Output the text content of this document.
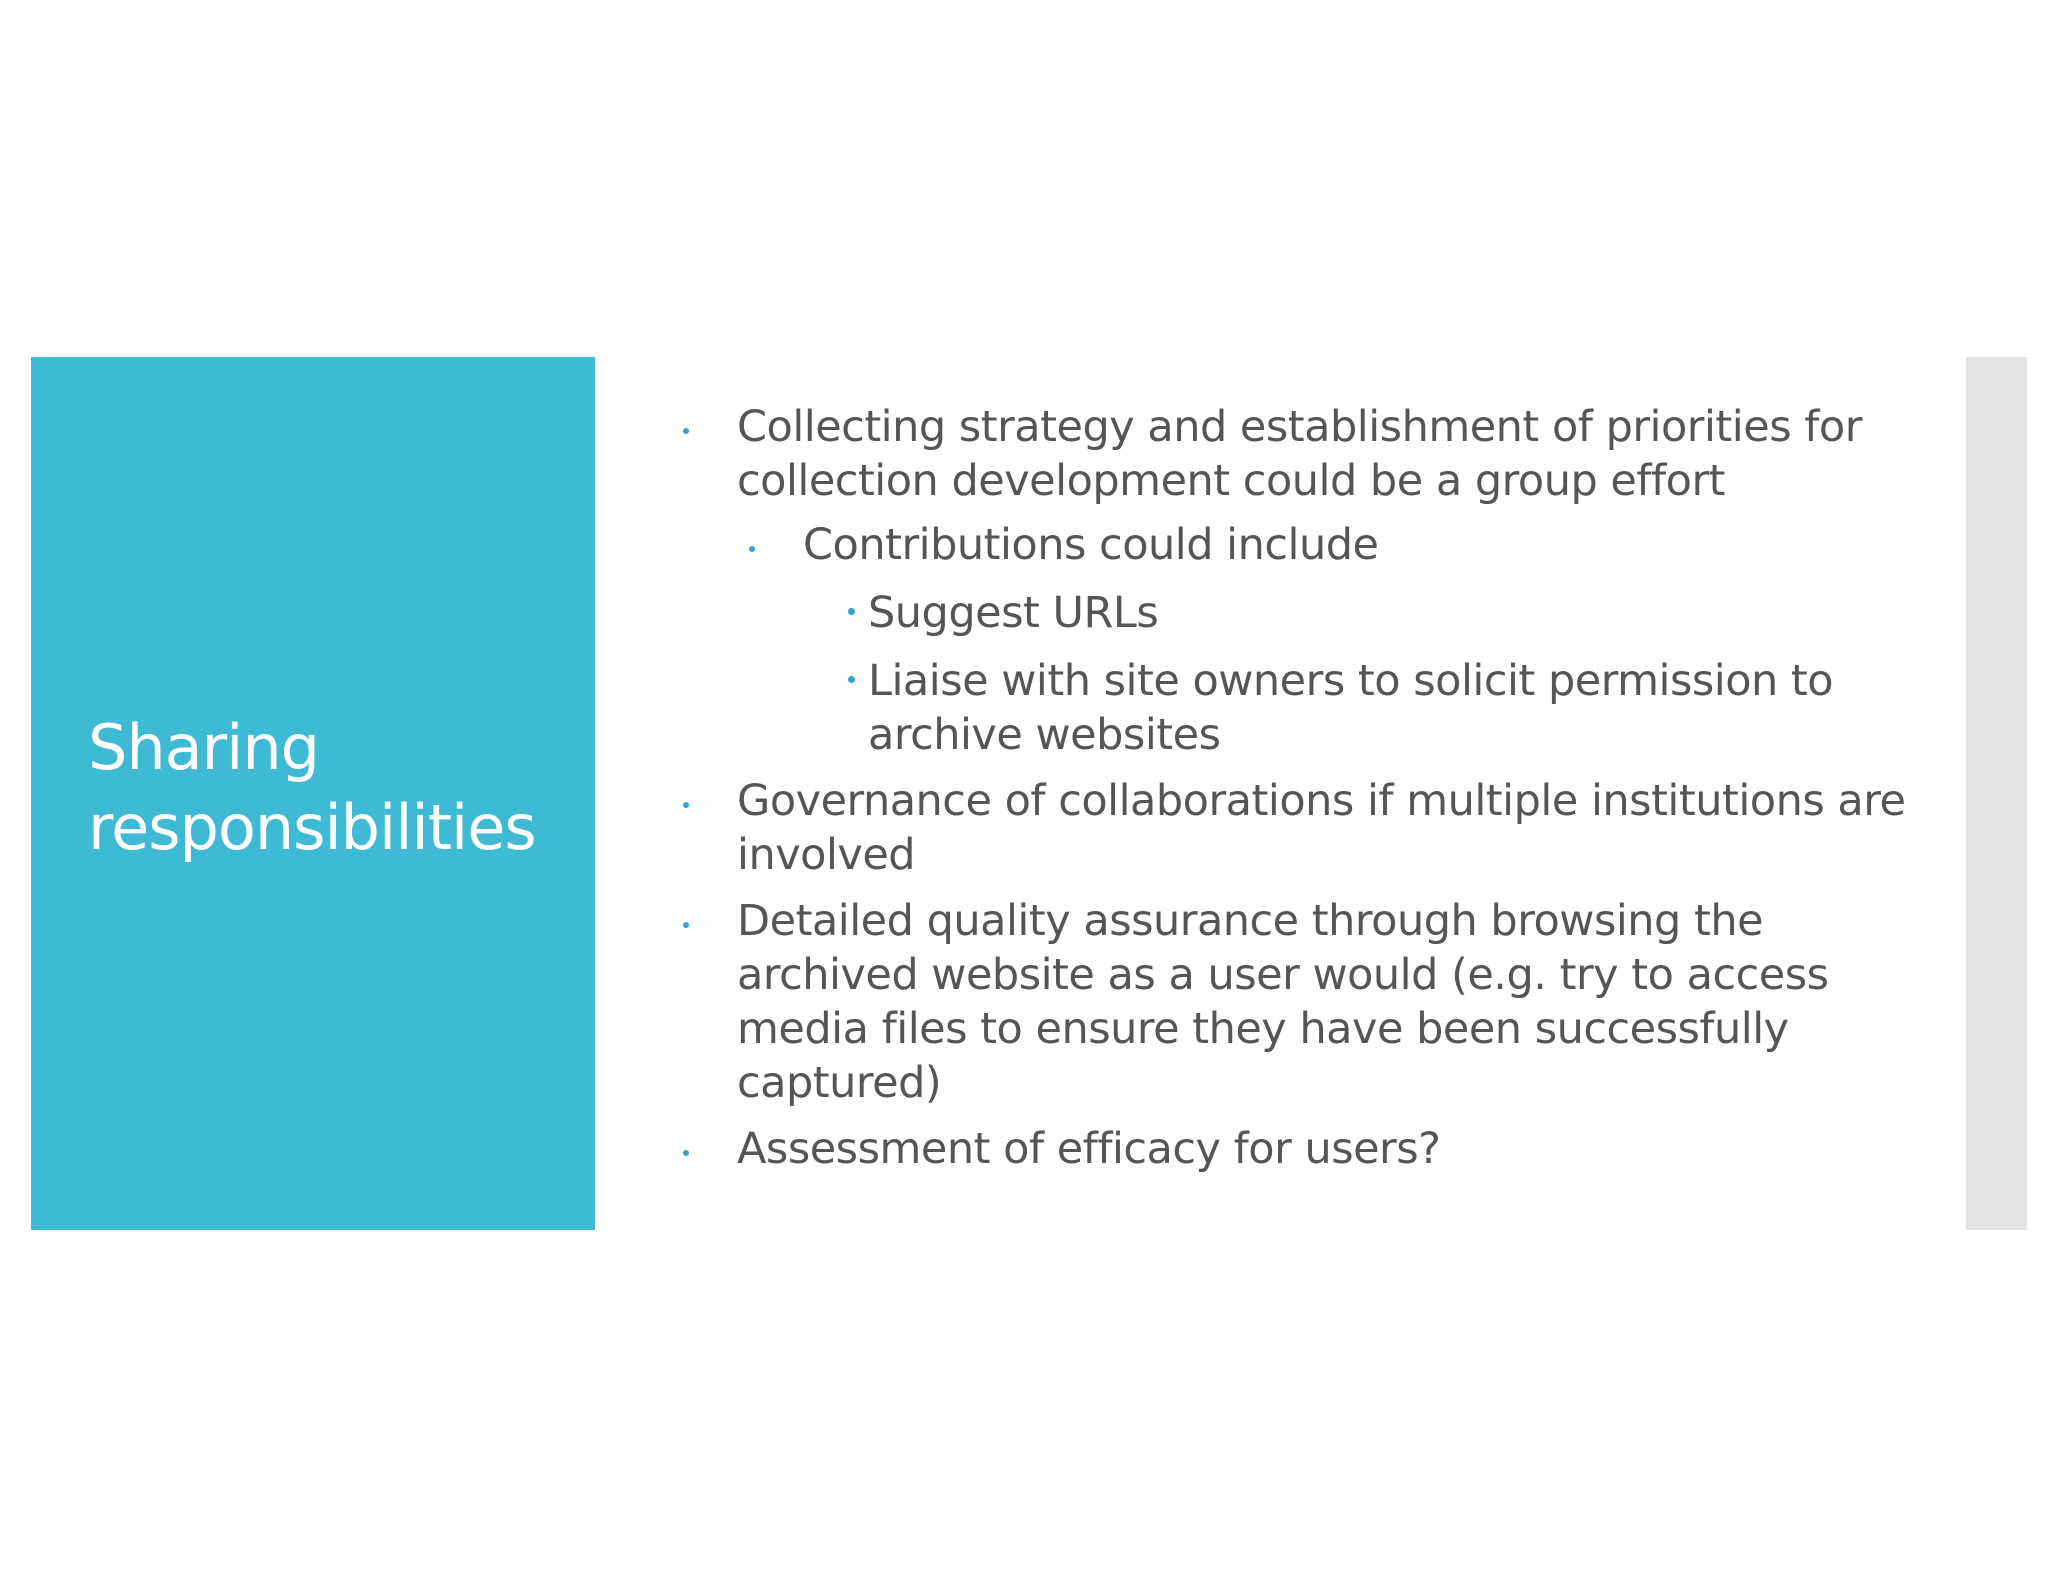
Sharing responsibilities
Collecting strategy and establishment of priorities for collection development could be a group effort
Contributions could include
Suggest URLs
Liaise with site owners to solicit permission to archive websites
Governance of collaborations if multiple institutions are involved
Detailed quality assurance through browsing the archived website as a user would (e.g. try to access media files to ensure they have been successfully captured)
Assessment of efficacy for users?
